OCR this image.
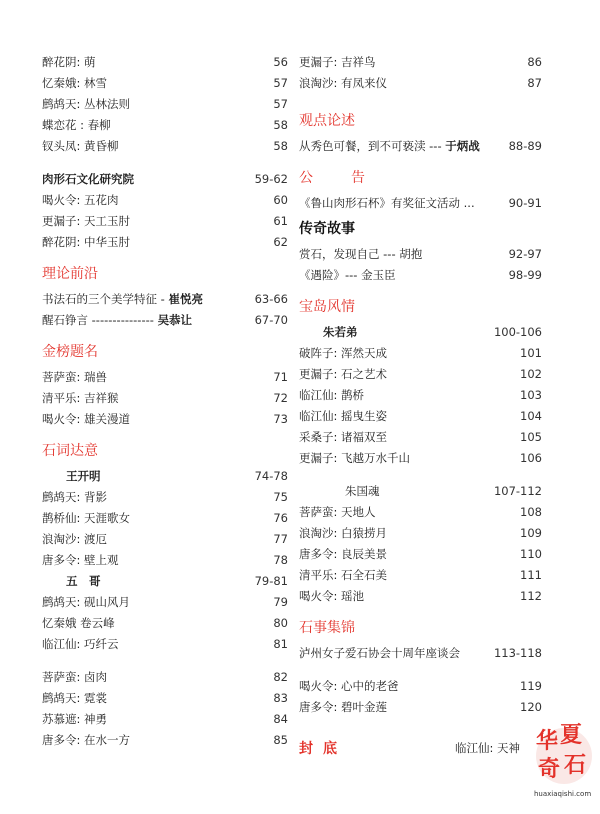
醉花阴: 萌	56
忆秦娥: 林雪	57
鹧鸪天: 丛林法则	57
蝶恋花 : 春柳	58
钗头凤: 黄昏柳	58
肉形石文化研究院	59-62
喝火令: 五花肉	60
更漏子: 天工玉肘	61
醉花阴: 中华玉肘	62
理论前沿
书法石的三个美学特征 - 崔悦亮	63-66
醒石铮言 --------------- 吴恭让	67-70
金榜题名
菩萨蛮: 瑞兽	71
清平乐: 吉祥猴	72
喝火令: 雄关漫道	73
石词达意
王开明	74-78
鹧鸪天: 背影	75
鹊桥仙: 天涯歌女	76
浪淘沙: 渡厄	77
唐多令: 壁上观	78
五　哥	79-81
鹧鸪天: 砚山风月	79
忆秦娥 卷云峰	80
临江仙: 巧纤云	81
菩萨蛮: 卤肉	82
鹧鸪天: 霓裳	83
苏慕遮: 神勇	84
唐多令: 在水一方	85
更漏子: 吉祥鸟	86
浪淘沙: 有凤来仪	87
观点论述
从秀色可餐，到不可亵渎 --- 于炳战	88-89
公　告
《鲁山肉形石杯》有奖征文活动 ...	90-91
传奇故事
赏石，发现自己 --- 胡抱	92-97
《遇险》--- 金玉臣	98-99
宝岛风情
朱若弟	100-106
破阵子: 浑然天成	101
更漏子: 石之艺术	102
临江仙: 鹊桥	103
临江仙: 摇曳生姿	104
采桑子: 诸福双至	105
更漏子: 飞越万水千山	106
朱国魂	107-112
菩萨蛮: 天地人	108
浪淘沙: 白猿捞月	109
唐多令: 良辰美景	110
清平乐: 石全石美	111
喝火令: 瑶池	112
石事集锦
泸州女子爱石协会十周年座谈会	113-118
喝火令: 心中的老爸	119
唐多令: 碧叶金莲	120
封底	临江仙: 天神 华 夏
奇 石
huaxiaqishi.com
